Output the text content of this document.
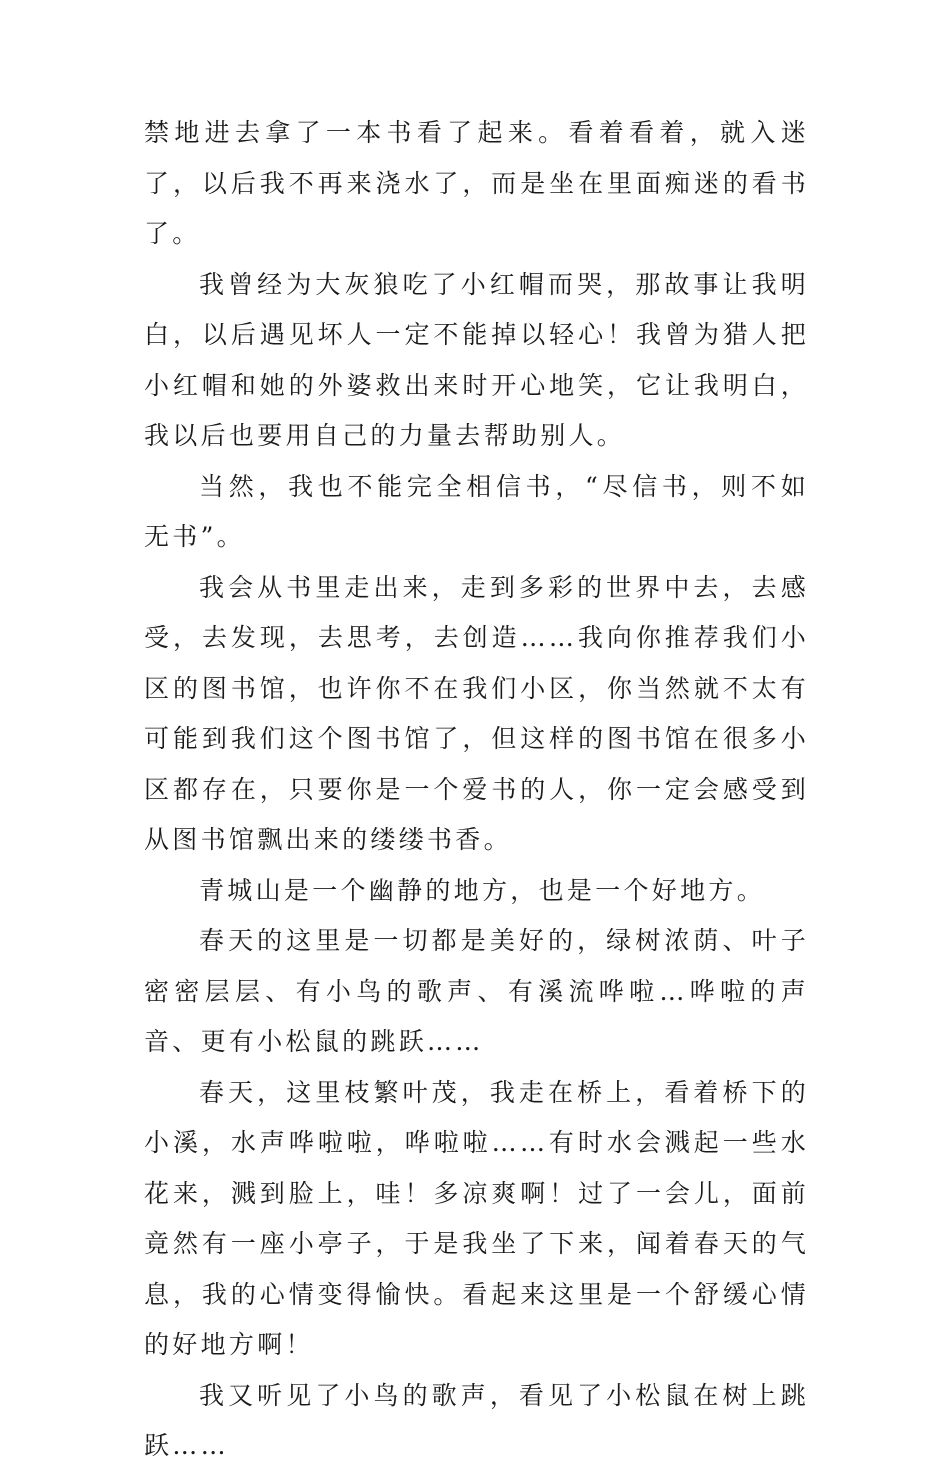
禁地进去拿了一本书看了起来。看着看着，就入迷了，以后我不再来浇水了，而是坐在里面痴迷的看书了。

我曾经为大灰狼吃了小红帽而哭，那故事让我明白，以后遇见坏人一定不能掉以轻心！我曾为猎人把小红帽和她的外婆救出来时开心地笑，它让我明白，我以后也要用自己的力量去帮助别人。

当然，我也不能完全相信书，“尽信书，则不如无书”。

我会从书里走出来，走到多彩的世界中去，去感受，去发现，去思考，去创造……我向你推荐我们小区的图书馆，也许你不在我们小区，你当然就不太有可能到我们这个图书馆了，但这样的图书馆在很多小区都存在，只要你是一个爱书的人，你一定会感受到从图书馆飘出来的缕缕书香。

青城山是一个幽静的地方，也是一个好地方。

春天的这里是一切都是美好的，绿树浓荫、叶子密密层层、有小鸟的歌声、有溪流哗啦…哗啦的声音、更有小松鼠的跳跃……

春天，这里枝繁叶茂，我走在桥上，看着桥下的小溪，水声哗啦啦，哗啦啦……有时水会溅起一些水花来，溅到脸上，哇！多凉爽啊！过了一会儿，面前竟然有一座小亭子，于是我坐了下来，闻着春天的气息，我的心情变得愉快。看起来这里是一个舒缓心情的好地方啊！

我又听见了小鸟的歌声，看见了小松鼠在树上跳跃……
